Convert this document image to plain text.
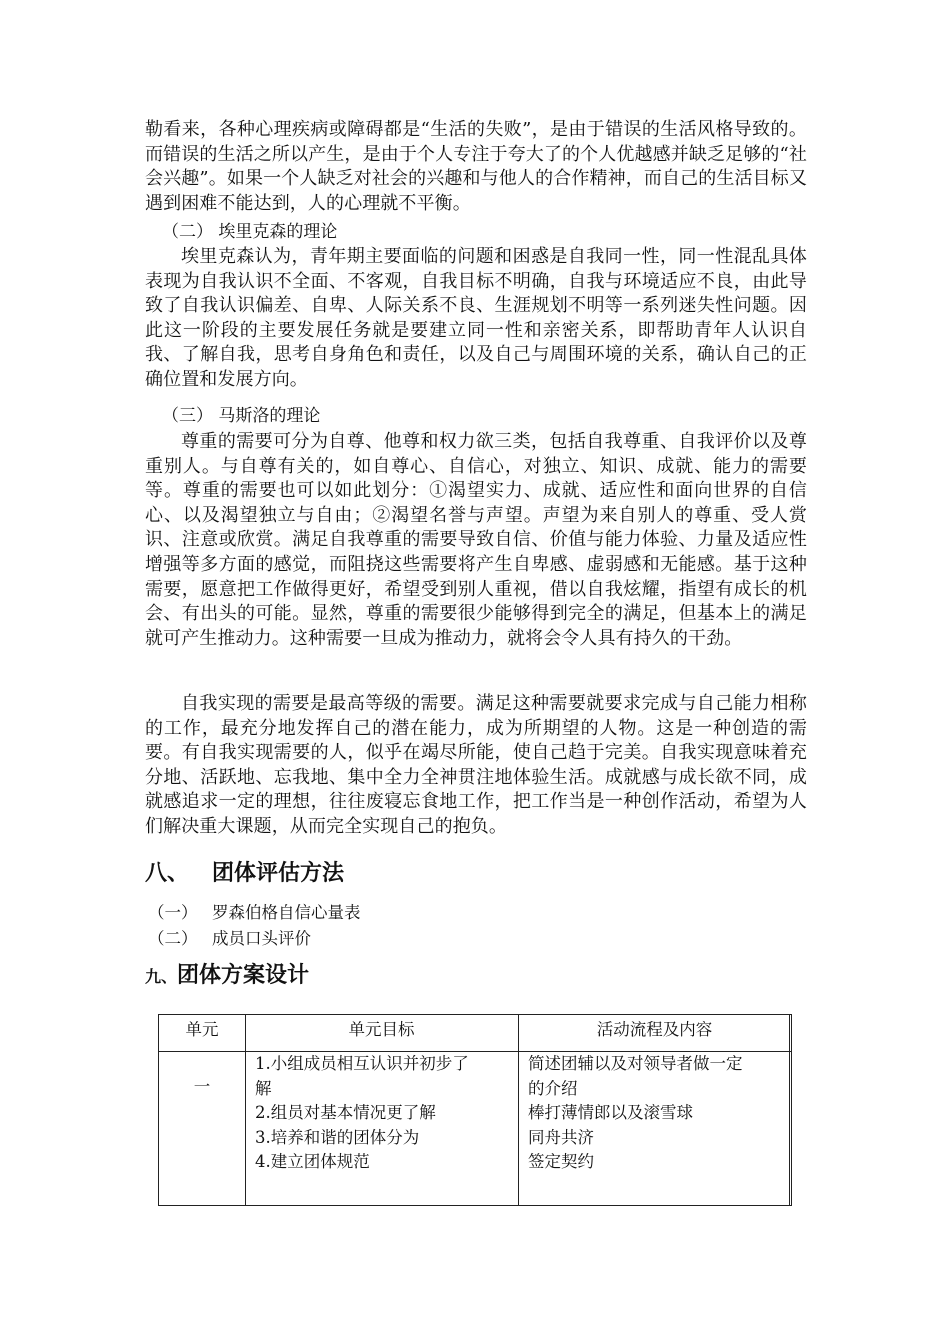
勒看来，各种心理疾病或障碍都是“生活的失败”，是由于错误的生活风格导致的。而错误的生活之所以产生，是由于个人专注于夸大了的个人优越感并缺乏足够的“社会兴趣”。如果一个人缺乏对社会的兴趣和与他人的合作精神，而自己的生活目标又遇到困难不能达到，人的心理就不平衡。

（二） 埃里克森的理论

埃里克森认为，青年期主要面临的问题和困惑是自我同一性，同一性混乱具体表现为自我认识不全面、不客观，自我目标不明确，自我与环境适应不良，由此导致了自我认识偏差、自卑、人际关系不良、生涯规划不明等一系列迷失性问题。因此这一阶段的主要发展任务就是要建立同一性和亲密关系，即帮助青年人认识自我、了解自我，思考自身角色和责任，以及自己与周围环境的关系，确认自己的正确位置和发展方向。

（三） 马斯洛的理论

尊重的需要可分为自尊、他尊和权力欲三类，包括自我尊重、自我评价以及尊重别人。与自尊有关的，如自尊心、自信心，对独立、知识、成就、能力的需要等。尊重的需要也可以如此划分：①渴望实力、成就、适应性和面向世界的自信心、以及渴望独立与自由；②渴望名誉与声望。声望为来自别人的尊重、受人赏识、注意或欣赏。满足自我尊重的需要导致自信、价值与能力体验、力量及适应性增强等多方面的感觉，而阻挠这些需要将产生自卑感、虚弱感和无能感。基于这种需要，愿意把工作做得更好，希望受到别人重视，借以自我炫耀，指望有成长的机会、有出头的可能。显然，尊重的需要很少能够得到完全的满足，但基本上的满足就可产生推动力。这种需要一旦成为推动力，就将会令人具有持久的干劲。

自我实现的需要是最高等级的需要。满足这种需要就要求完成与自己能力相称的工作，最充分地发挥自己的潜在能力，成为所期望的人物。这是一种创造的需要。有自我实现需要的人，似乎在竭尽所能，使自己趋于完美。自我实现意味着充分地、活跃地、忘我地、集中全力全神贯注地体验生活。成就感与成长欲不同，成就感追求一定的理想，往往废寝忘食地工作，把工作当是一种创作活动，希望为人们解决重大课题，从而完全实现自己的抱负。

八、 团体评估方法

（一） 罗森伯格自信心量表

（二） 成员口头评价

九、团体方案设计
单元	单元目标	活动流程及内容
一
1.小组成员相互认识并初步了
解
2.组员对基本情况更了解
3.培养和谐的团体分为
4.建立团体规范
简述团辅以及对领导者做一定
的介绍
棒打薄情郎以及滚雪球
同舟共济
签定契约
